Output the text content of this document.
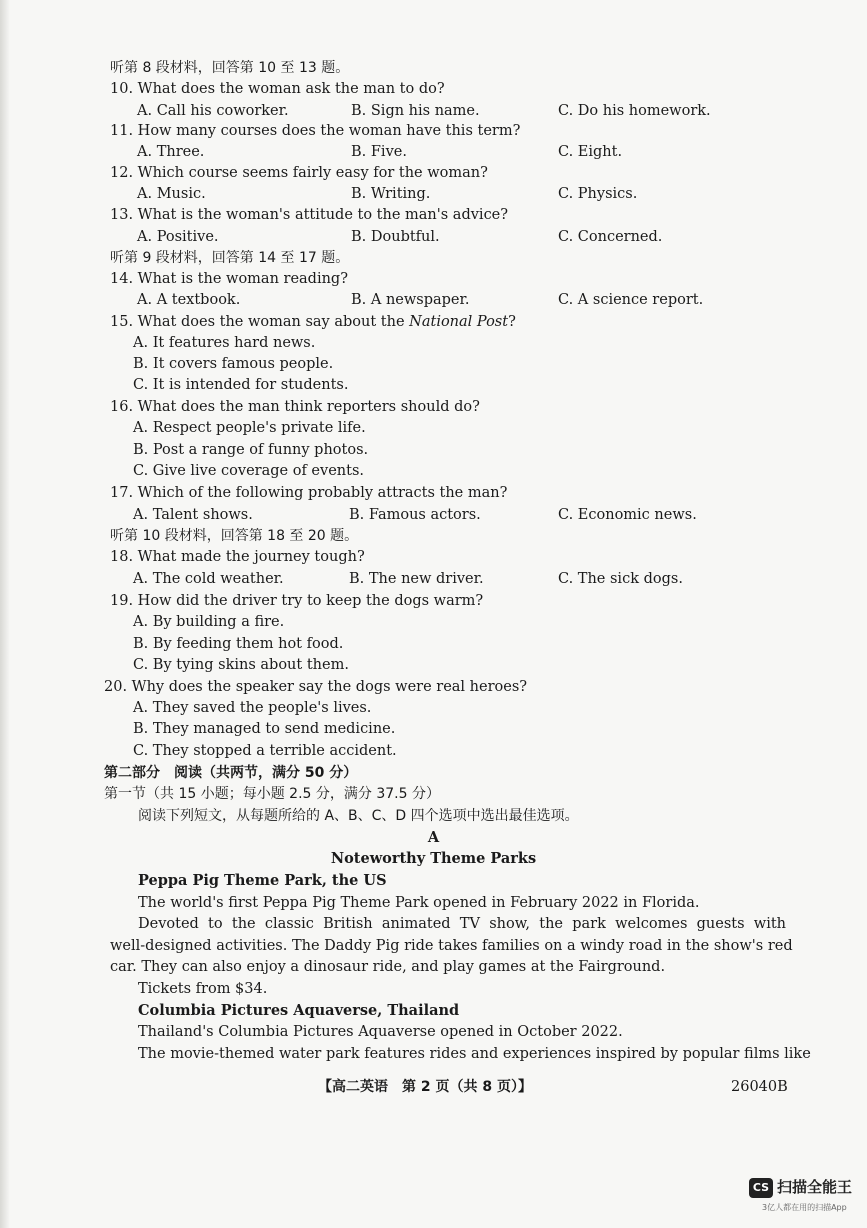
听第 8 段材料，回答第 10 至 13 题。
10. What does the woman ask the man to do?
A. Call his coworker.	B. Sign his name.	C. Do his homework.
11. How many courses does the woman have this term?
A. Three.	B. Five.	C. Eight.
12. Which course seems fairly easy for the woman?
A. Music.	B. Writing.	C. Physics.
13. What is the woman's attitude to the man's advice?
A. Positive.	B. Doubtful.	C. Concerned.
听第 9 段材料，回答第 14 至 17 题。
14. What is the woman reading?
A. A textbook.	B. A newspaper.	C. A science report.
15. What does the woman say about the National Post?
A. It features hard news.
B. It covers famous people.
C. It is intended for students.
16. What does the man think reporters should do?
A. Respect people's private life.
B. Post a range of funny photos.
C. Give live coverage of events.
17. Which of the following probably attracts the man?
A. Talent shows.	B. Famous actors.	C. Economic news.
听第 10 段材料，回答第 18 至 20 题。
18. What made the journey tough?
A. The cold weather.	B. The new driver.	C. The sick dogs.
19. How did the driver try to keep the dogs warm?
A. By building a fire.
B. By feeding them hot food.
C. By tying skins about them.
20. Why does the speaker say the dogs were real heroes?
A. They saved the people's lives.
B. They managed to send medicine.
C. They stopped a terrible accident.
第二部分　阅读（共两节，满分 50 分）
第一节（共 15 小题；每小题 2.5 分，满分 37.5 分）
阅读下列短文，从每题所给的 A、B、C、D 四个选项中选出最佳选项。
A
Noteworthy Theme Parks
Peppa Pig Theme Park, the US
The world's first Peppa Pig Theme Park opened in February 2022 in Florida.
Devoted to the classic British animated TV show, the park welcomes guests with
well-designed activities. The Daddy Pig ride takes families on a windy road in the show's red
car. They can also enjoy a dinosaur ride, and play games at the Fairground.
Tickets from $34.
Columbia Pictures Aquaverse, Thailand
Thailand's Columbia Pictures Aquaverse opened in October 2022.
The movie-themed water park features rides and experiences inspired by popular films like
【高二英语　第 2 页（共 8 页）】	26040B
CS 扫描全能王
3亿人都在用的扫描App
